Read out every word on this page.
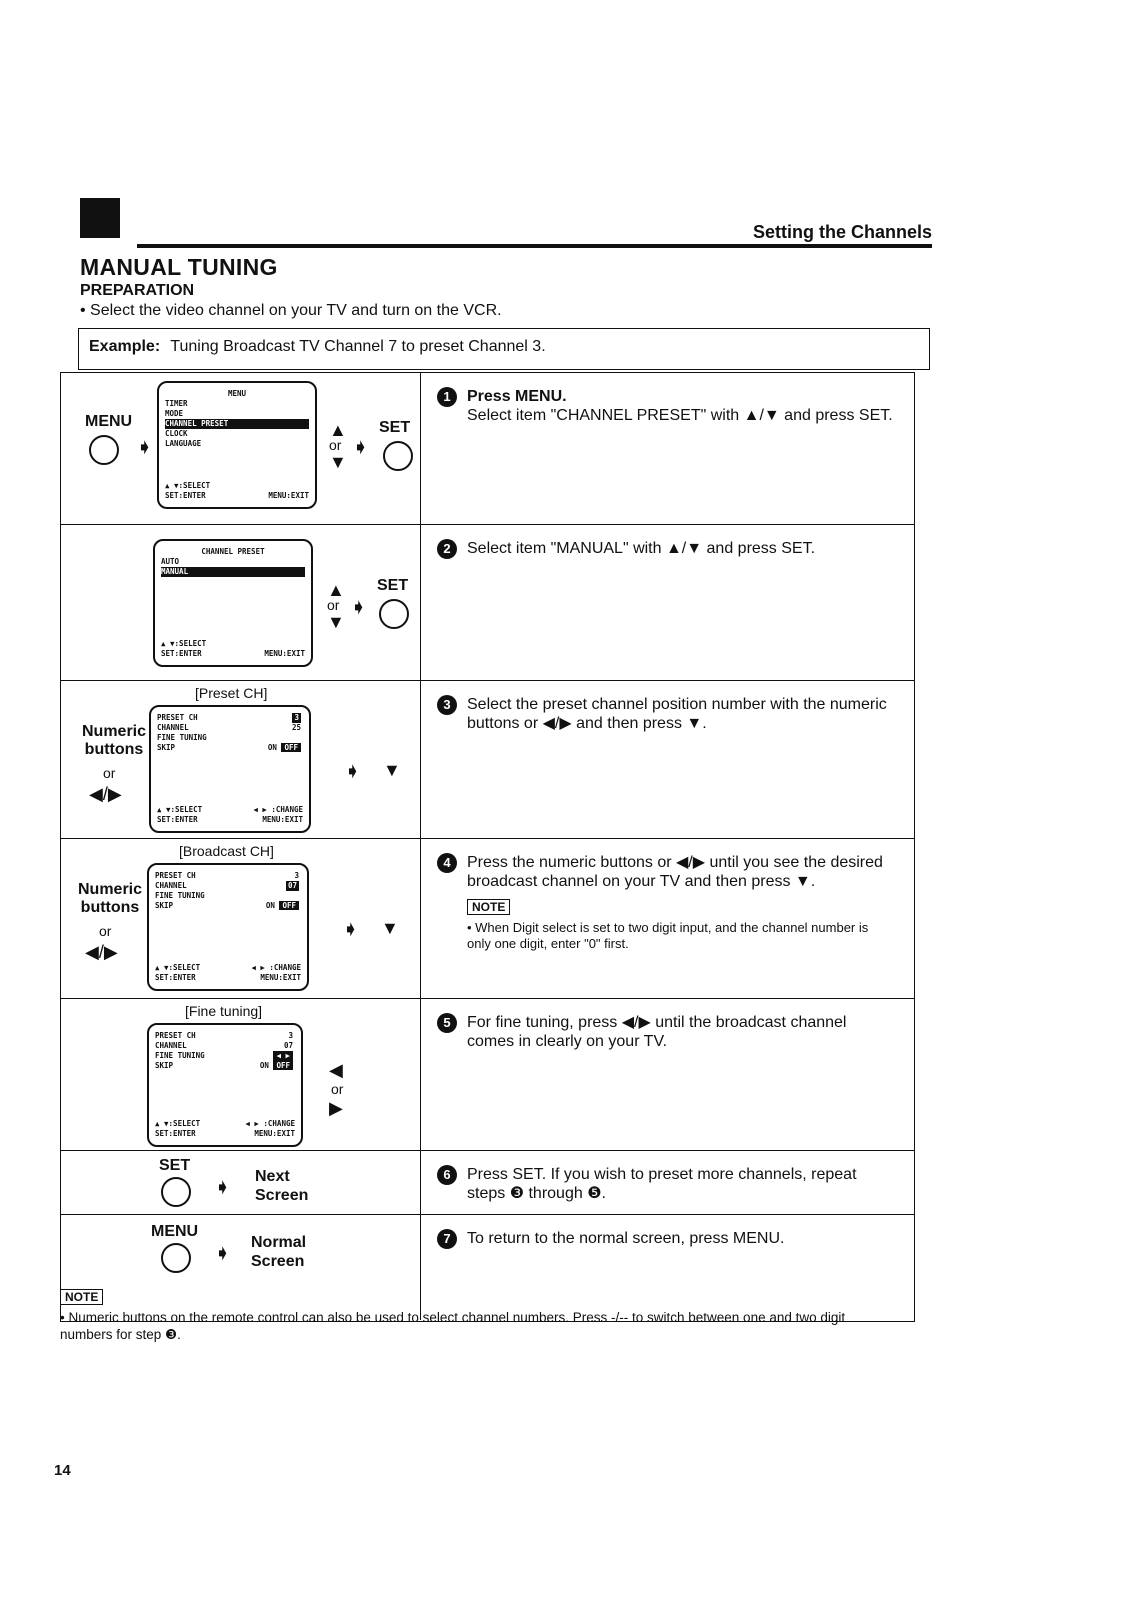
Setting the Channels
MANUAL TUNING
PREPARATION
• Select the video channel on your TV and turn on the VCR.
Example: Tuning Broadcast TV Channel 7 to preset Channel 3.
MENU
➧
MENU
TIMER
MODE
CHANNEL PRESET
CLOCK
LANGUAGE
▲ ▼:SELECT
SET:ENTER	MENU:EXIT
▲
or
▼
➧
SET
1 Press MENU.
Select item "CHANNEL PRESET" with ▲/▼ and press SET.
CHANNEL PRESET
AUTO
MANUAL
▲ ▼:SELECT
SET:ENTER	MENU:EXIT
▲
or
▼
➧
SET
2 Select item "MANUAL" with ▲/▼ and press SET.
[Preset CH]
Numeric buttons
or
◀/▶
PRESET CH	3
CHANNEL	25
FINE TUNING
SKIP	ON OFF
▲ ▼:SELECT	◀ ▶ :CHANGE
SET:ENTER	MENU:EXIT
➧ ▼
3 Select the preset channel position number with the numeric buttons or ◀/▶ and then press ▼.
[Broadcast CH]
Numeric buttons
or
◀/▶
PRESET CH	3
CHANNEL	07
FINE TUNING
SKIP	ON OFF
▲ ▼:SELECT	◀ ▶ :CHANGE
SET:ENTER	MENU:EXIT
➧ ▼
4 Press the numeric buttons or ◀/▶ until you see the desired broadcast channel on your TV and then press ▼.
NOTE
• When Digit select is set to two digit input, and the channel number is only one digit, enter "0" first.
[Fine tuning]
PRESET CH	3
CHANNEL	07
FINE TUNING	◀ ▶
SKIP	ON OFF
▲ ▼:SELECT	◀ ▶ :CHANGE
SET:ENTER	MENU:EXIT
◀
or
▶
5 For fine tuning, press ◀/▶ until the broadcast channel comes in clearly on your TV.
SET
➧
Next
Screen
6 Press SET. If you wish to preset more channels, repeat steps ❸ through ❺.
MENU
➧
Normal
Screen
7 To return to the normal screen, press MENU.
NOTE
• Numeric buttons on the remote control can also be used to select channel numbers. Press -/-- to switch between one and two digit numbers for step ❸.
14
